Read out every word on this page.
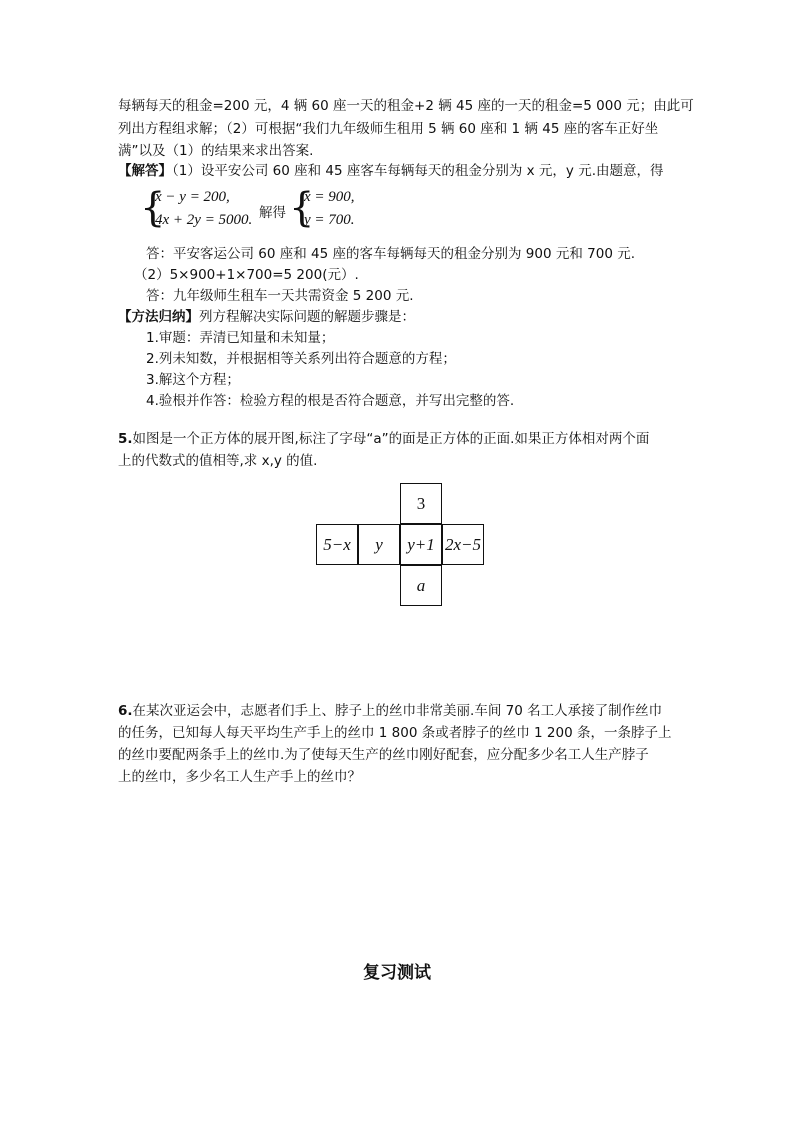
每辆每天的租金=200 元，4 辆 60 座一天的租金+2 辆 45 座的一天的租金=5 000 元；由此可
列出方程组求解；（2）可根据“我们九年级师生租用 5 辆 60 座和 1 辆 45 座的客车正好坐
满”以及（1）的结果来求出答案.
【解答】（1）设平安公司 60 座和 45 座客车每辆每天的租金分别为 x 元，y 元.由题意，得
{
x − y = 200,
4x + 2y = 5000. 解得 {
x = 900,
y = 700.
答：平安客运公司 60 座和 45 座的客车每辆每天的租金分别为 900 元和 700 元.
（2）5×900+1×700=5 200(元）.
答：九年级师生租车一天共需资金 5 200 元.
【方法归纳】列方程解决实际问题的解题步骤是：
1.审题：弄清已知量和未知量；
2.列未知数，并根据相等关系列出符合题意的方程；
3.解这个方程；
4.验根并作答：检验方程的根是否符合题意，并写出完整的答.
5.如图是一个正方体的展开图,标注了字母“a”的面是正方体的正面.如果正方体相对两个面
上的代数式的值相等,求 x,y 的值.
3
5−x	y	y+1 2x−5
a
6.在某次亚运会中，志愿者们手上、脖子上的丝巾非常美丽.车间 70 名工人承接了制作丝巾
的任务，已知每人每天平均生产手上的丝巾 1 800 条或者脖子的丝巾 1 200 条，一条脖子上
的丝巾要配两条手上的丝巾.为了使每天生产的丝巾刚好配套，应分配多少名工人生产脖子
上的丝巾，多少名工人生产手上的丝巾？
复习测试
